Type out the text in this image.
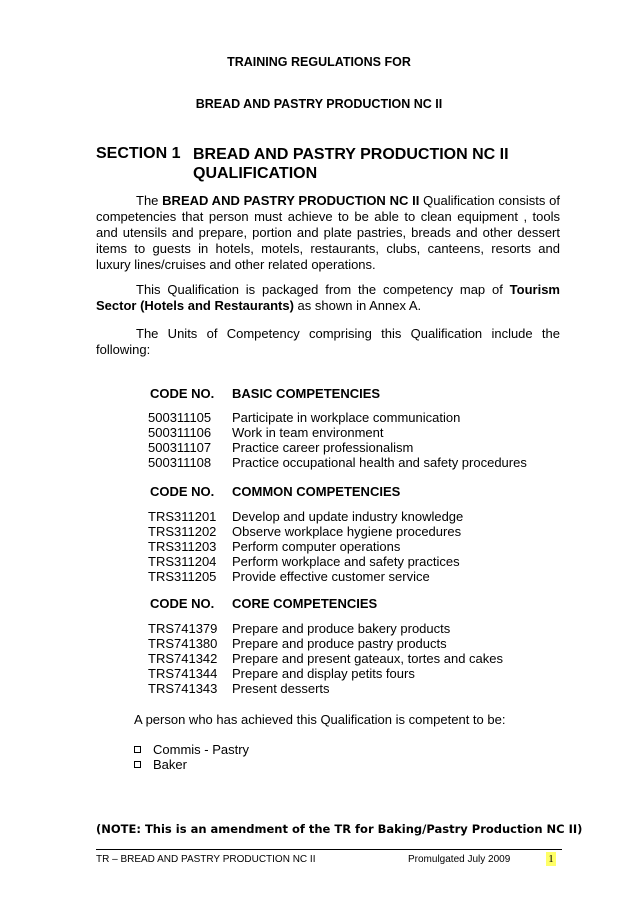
TRAINING REGULATIONS FOR
BREAD AND PASTRY PRODUCTION NC II
SECTION 1 BREAD AND PASTRY PRODUCTION NC II QUALIFICATION
The BREAD AND PASTRY PRODUCTION NC II Qualification consists of competencies that person must achieve to be able to clean equipment , tools and utensils and prepare, portion and plate pastries, breads and other dessert items to guests in hotels, motels, restaurants, clubs, canteens, resorts and luxury lines/cruises and other related operations.
This Qualification is packaged from the competency map of Tourism Sector (Hotels and Restaurants) as shown in Annex A.
The Units of Competency comprising this Qualification include the following:
CODE NO. BASIC COMPETENCIES
500311105 Participate in workplace communication
500311106 Work in team environment
500311107 Practice career professionalism
500311108 Practice occupational health and safety procedures
CODE NO. COMMON COMPETENCIES
TRS311201 Develop and update industry knowledge
TRS311202 Observe workplace hygiene procedures
TRS311203 Perform computer operations
TRS311204 Perform workplace and safety practices
TRS311205 Provide effective customer service
CODE NO. CORE COMPETENCIES
TRS741379 Prepare and produce bakery products
TRS741380 Prepare and produce pastry products
TRS741342 Prepare and present gateaux, tortes and cakes
TRS741344 Prepare and display petits fours
TRS741343 Present desserts
A person who has achieved this Qualification is competent to be:
Commis - Pastry
Baker
(NOTE: This is an amendment of the TR for Baking/Pastry Production NC II)
TR – BREAD AND PASTRY PRODUCTION NC II	Promulgated July 2009	1
